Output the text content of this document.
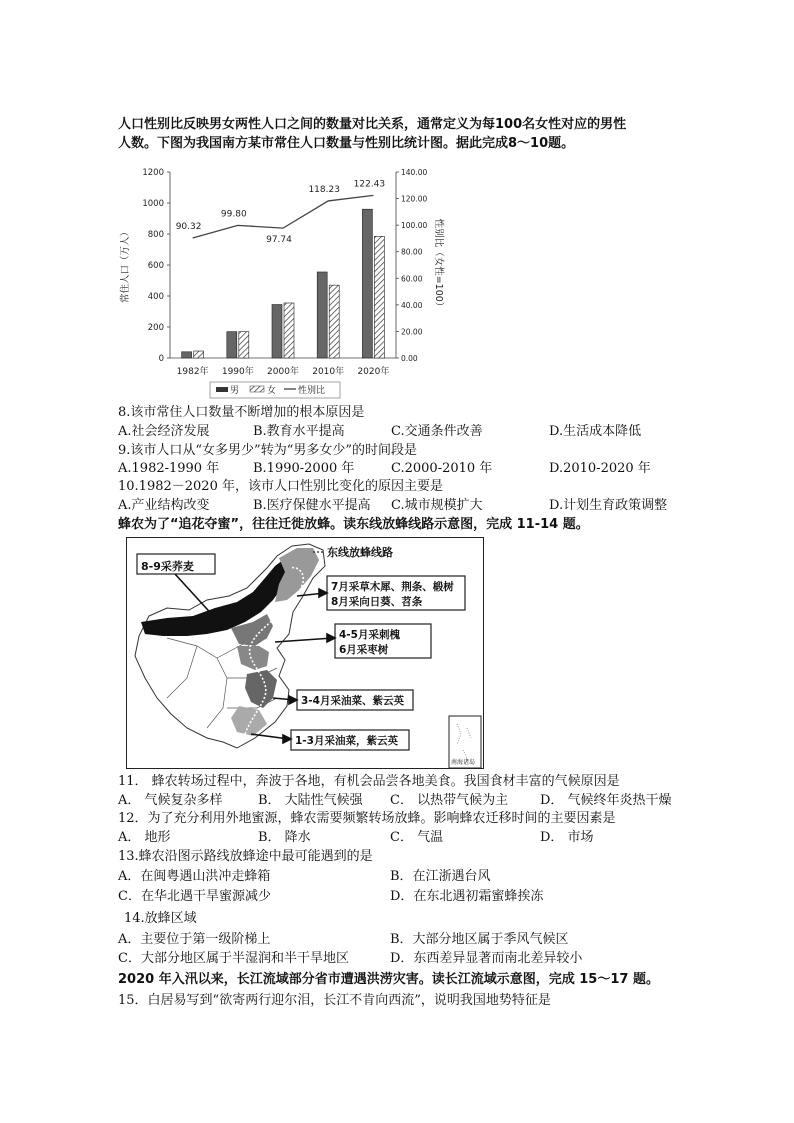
人口性别比反映男女两性人口之间的数量对比关系，通常定义为每100名女性对应的男性
人数。下图为我国南方某市常住人口数量与性别比统计图。据此完成8～10题。
0
200
400
600
800
1000
1200
0.00
20.00
40.00
60.00
80.00
100.00
120.00
140.00
常住人口（万人）	性别比（女性=100）
1982年
90.32
1990年
99.80
2000年
97.74
2010年
118.23
2020年
122.43
男	女 性别比
8.该市常住人口数量不断增加的根本原因是
A.社会经济发展	B.教育水平提高	C.交通条件改善	D.生活成本降低
9.该市人口从“女多男少”转为“男多女少”的时间段是
A.1982-1990 年	B.1990-2000 年	C.2000-2010 年	D.2010-2020 年
10.1982－2020 年，该市人口性别比变化的原因主要是
A.产业结构改变	B.医疗保健水平提高 C.城市规模扩大	D.计划生育政策调整
蜂农为了“追花夺蜜”，往往迁徙放蜂。读东线放蜂线路示意图，完成 11-14 题。
东线放蜂线路
8-9采荞麦
7月采草木犀、荆条、椴树
8月采向日葵、苕条
4-5月采刺槐
6月采枣树
3-4月采油菜、紫云英
1-3月采油菜，紫云英
南海诸岛
11． 蜂农转场过程中，奔波于各地，有机会品尝各地美食。我国食材丰富的气候原因是
A． 气候复杂多样	B． 大陆性气候强 C． 以热带气候为主 D． 气候终年炎热干燥
12．为了充分利用外地蜜源，蜂农需要频繁转场放蜂。影响蜂农迁移时间的主要因素是
A． 地形	B． 降水	C． 气温	D． 市场
13.蜂农沿图示路线放蜂途中最可能遇到的是
A．在闽粤遇山洪冲走蜂箱	B．在江浙遇台风
C．在华北遇干旱蜜源减少	D．在东北遇初霜蜜蜂挨冻
14.放蜂区域
A．主要位于第一级阶梯上	B．大部分地区属于季风气候区
C．大部分地区属于半湿润和半干旱地区	D．东西差异显著而南北差异较小
2020 年入汛以来，长江流域部分省市遭遇洪涝灾害。读长江流域示意图，完成 15～17 题。
15．白居易写到“欲寄两行迎尔泪，长江不肯向西流”，说明我国地势特征是
